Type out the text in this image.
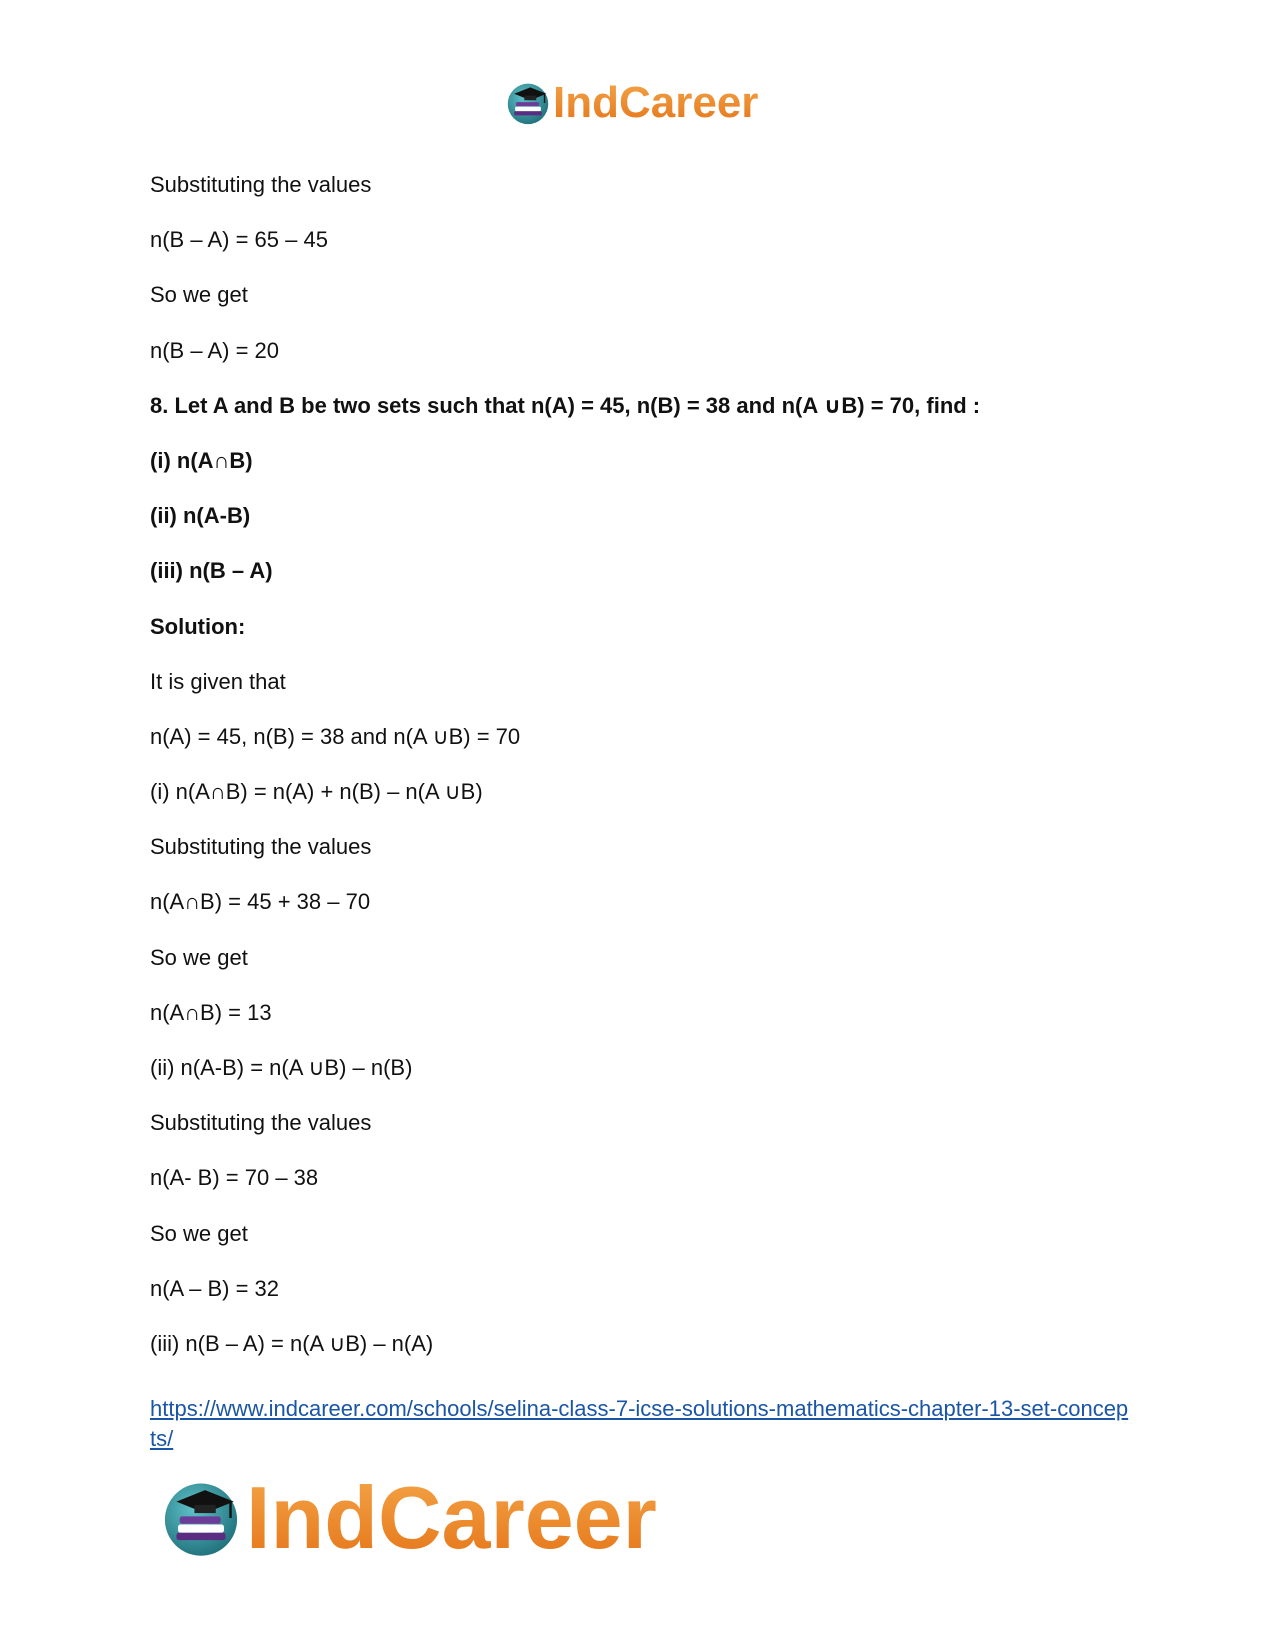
IndCareer
Substituting the values
n(B – A) = 65 – 45
So we get
n(B – A) = 20
8. Let A and B be two sets such that n(A) = 45, n(B) = 38 and n(A ∪B) = 70, find :
(i) n(A∩B)
(ii) n(A-B)
(iii) n(B – A)
Solution:
It is given that
n(A) = 45, n(B) = 38 and n(A ∪B) = 70
(i) n(A∩B) = n(A) + n(B) – n(A ∪B)
Substituting the values
n(A∩B) = 45 + 38 – 70
So we get
n(A∩B) = 13
(ii) n(A-B) = n(A ∪B) – n(B)
Substituting the values
n(A- B) = 70 – 38
So we get
n(A – B) = 32
(iii) n(B – A) = n(A ∪B) – n(A)
https://www.indcareer.com/schools/selina-class-7-icse-solutions-mathematics-chapter-13-set-concepts/
IndCareer
